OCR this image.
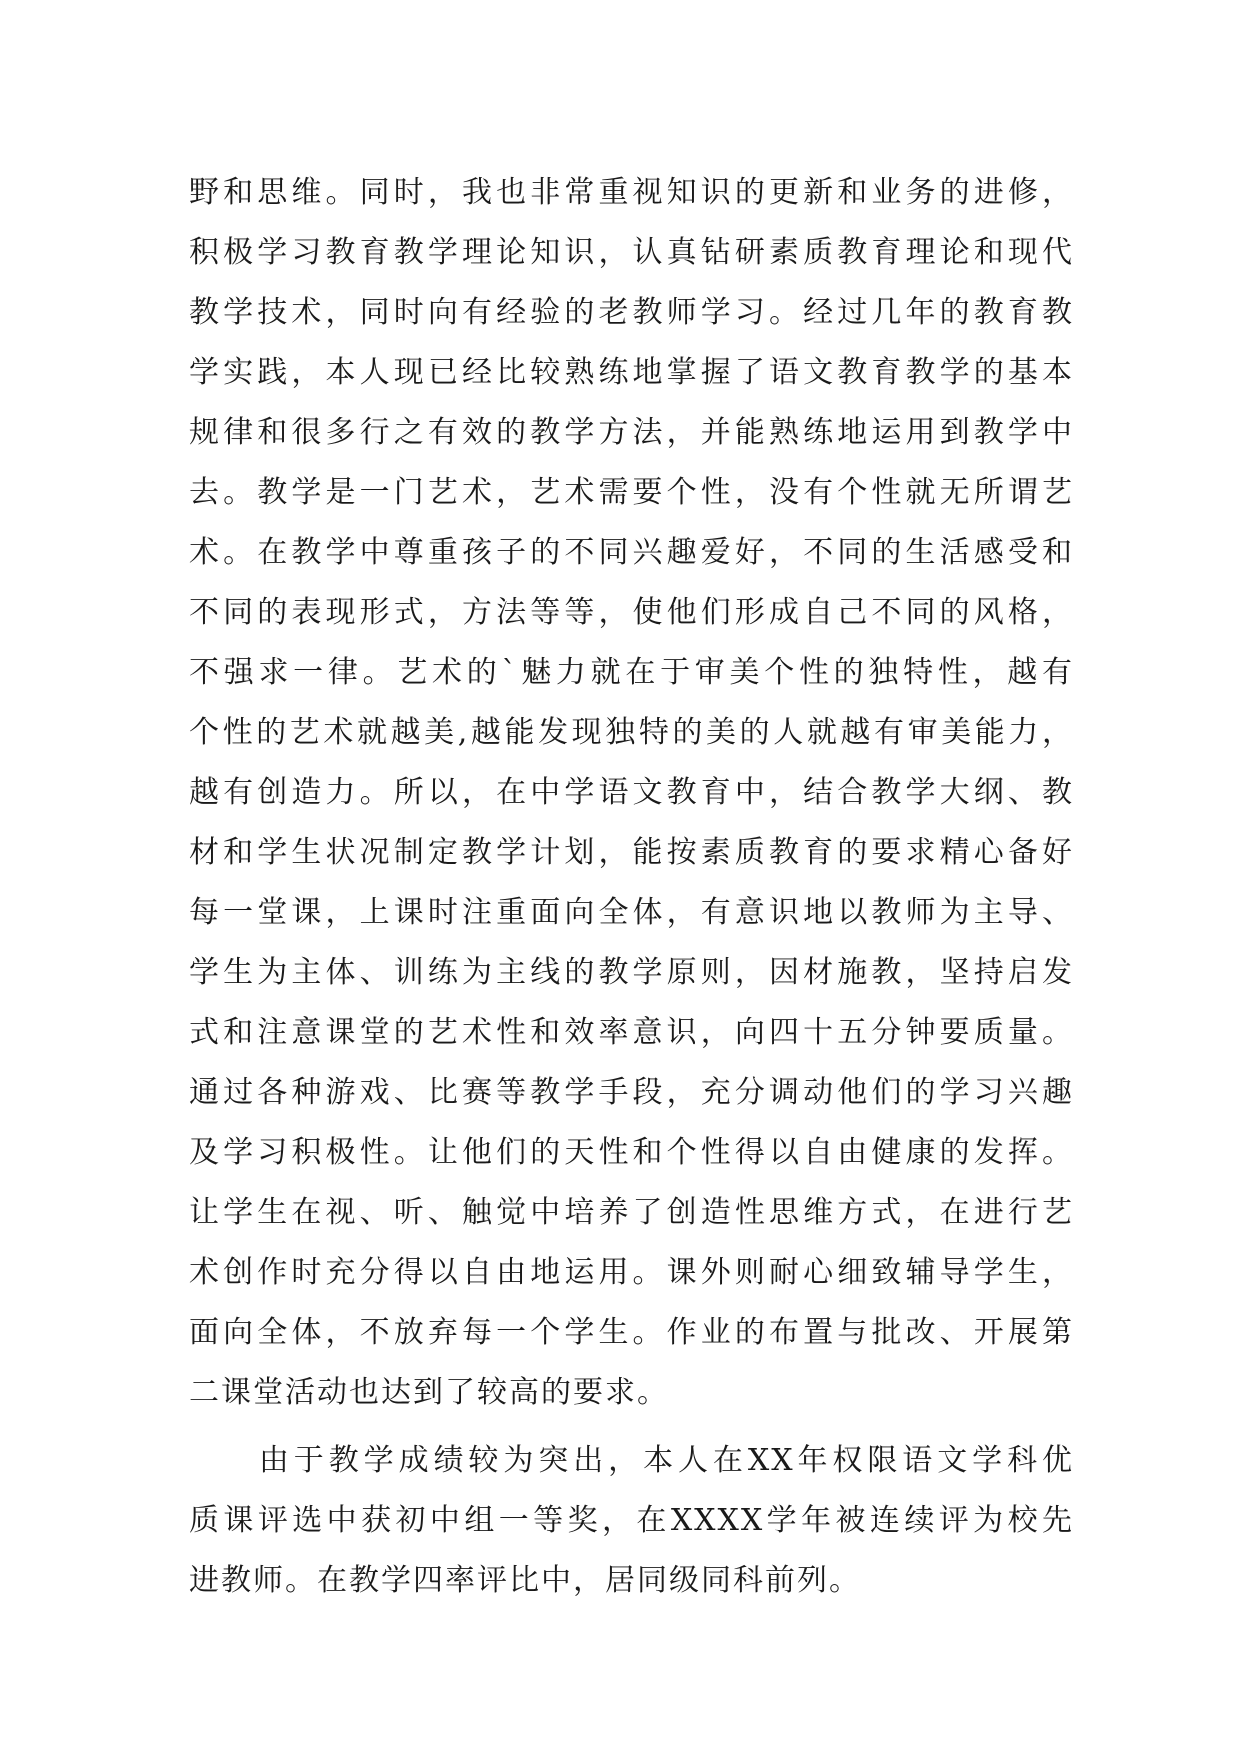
野和思维。同时，我也非常重视知识的更新和业务的进修，
积极学习教育教学理论知识，认真钻研素质教育理论和现代
教学技术，同时向有经验的老教师学习。经过几年的教育教
学实践，本人现已经比较熟练地掌握了语文教育教学的基本
规律和很多行之有效的教学方法，并能熟练地运用到教学中
去。教学是一门艺术，艺术需要个性，没有个性就无所谓艺
术。在教学中尊重孩子的不同兴趣爱好，不同的生活感受和
不同的表现形式，方法等等，使他们形成自己不同的风格，
不强求一律。艺术的`魅力就在于审美个性的独特性，越有
个性的艺术就越美,越能发现独特的美的人就越有审美能力，
越有创造力。所以，在中学语文教育中，结合教学大纲、教
材和学生状况制定教学计划，能按素质教育的要求精心备好
每一堂课，上课时注重面向全体，有意识地以教师为主导、
学生为主体、训练为主线的教学原则，因材施教，坚持启发
式和注意课堂的艺术性和效率意识，向四十五分钟要质量。
通过各种游戏、比赛等教学手段，充分调动他们的学习兴趣
及学习积极性。让他们的天性和个性得以自由健康的发挥。
让学生在视、听、触觉中培养了创造性思维方式，在进行艺
术创作时充分得以自由地运用。课外则耐心细致辅导学生，
面向全体，不放弃每一个学生。作业的布置与批改、开展第
二课堂活动也达到了较高的要求。
　　由于教学成绩较为突出，本人在XX年权限语文学科优
质课评选中获初中组一等奖，在XXXX学年被连续评为校先
进教师。在教学四率评比中，居同级同科前列。
